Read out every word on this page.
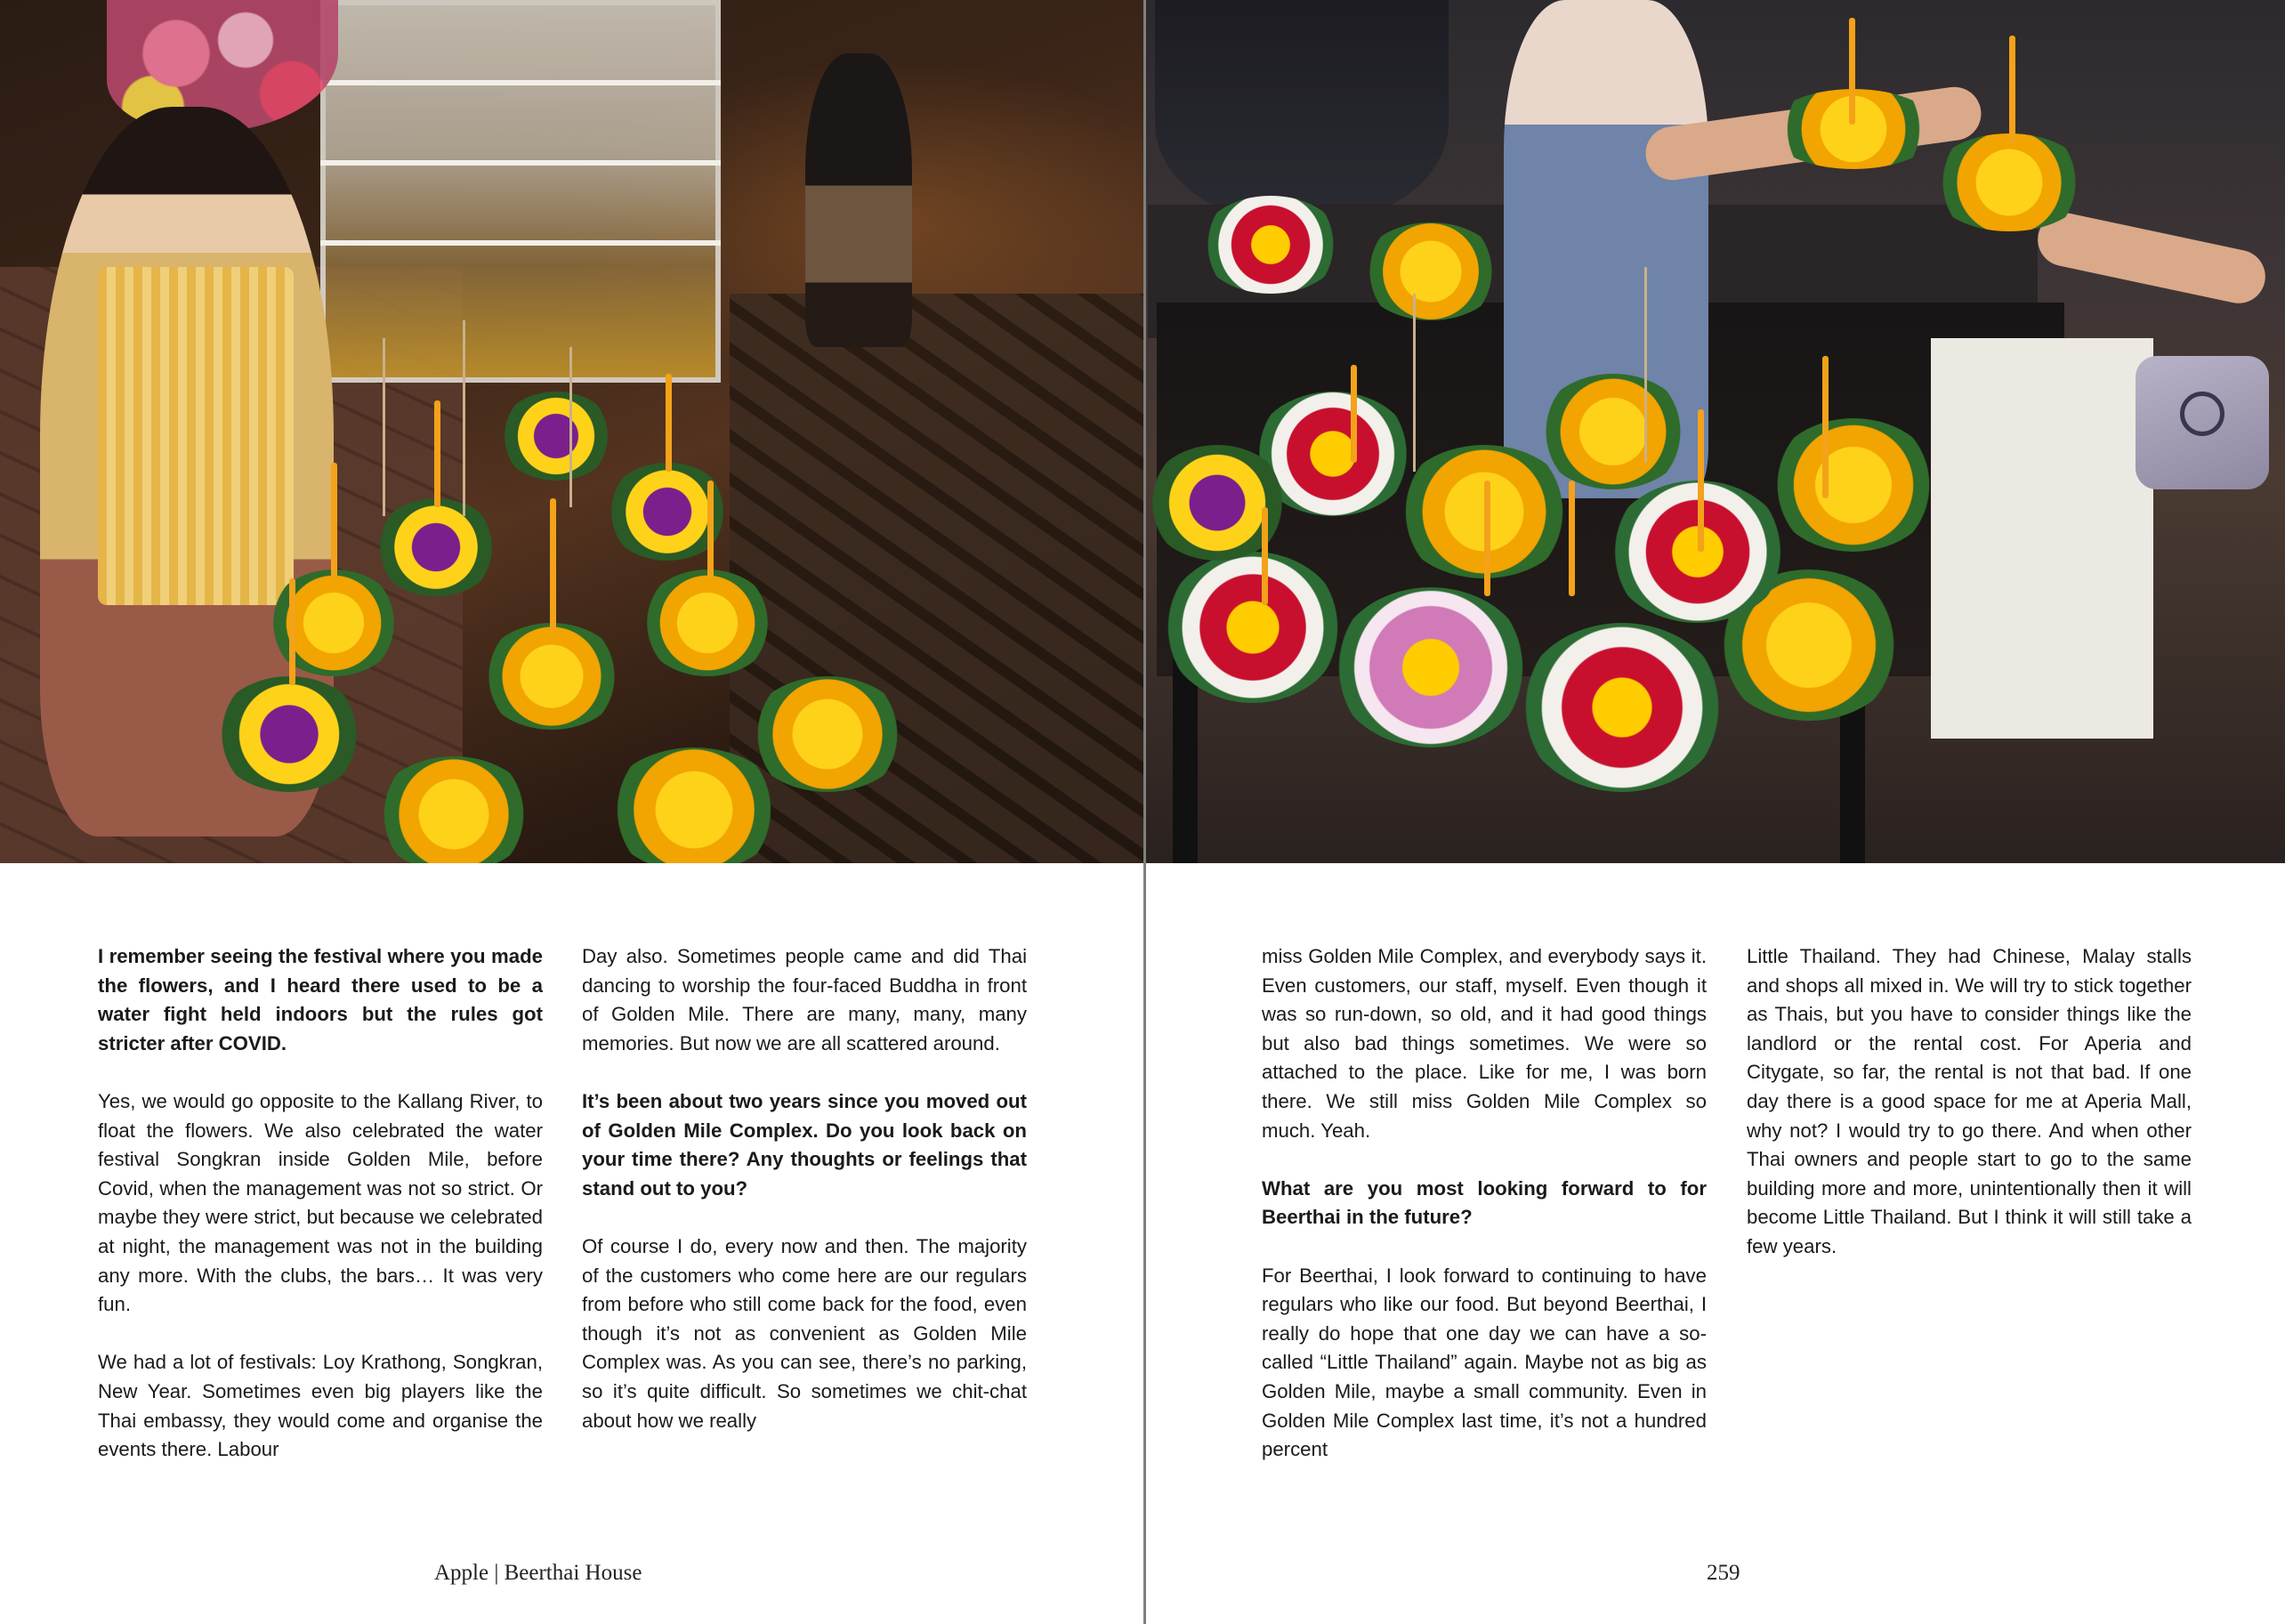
I remember seeing the festival where you made the flowers, and I heard there used to be a water fight held indoors but the rules got stricter after COVID.

Yes, we would go opposite to the Kallang River, to float the flowers. We also celebrated the water festival Songkran inside Golden Mile, before Covid, when the management was not so strict. Or maybe they were strict, but because we celebrated at night, the management was not in the building any more. With the clubs, the bars… It was very fun.

We had a lot of festivals: Loy Krathong, Songkran, New Year. Sometimes even big players like the Thai embassy, they would come and organise the events there. Labour

Day also. Sometimes people came and did Thai dancing to worship the four-faced Buddha in front of Golden Mile. There are many, many, many memories. But now we are all scattered around.

It’s been about two years since you moved out of Golden Mile Complex. Do you look back on your time there? Any thoughts or feelings that stand out to you?

Of course I do, every now and then. The majority of the customers who come here are our regulars from before who still come back for the food, even though it’s not as convenient as Golden Mile Complex was. As you can see, there’s no parking, so it’s quite difficult. So sometimes we chit-chat about how we really

miss Golden Mile Complex, and everybody says it. Even customers, our staff, myself. Even though it was so run-down, so old, and it had good things but also bad things sometimes. We were so attached to the place. Like for me, I was born there. We still miss Golden Mile Complex so much. Yeah.

What are you most looking forward to for Beerthai in the future?

For Beerthai, I look forward to continuing to have regulars who like our food. But beyond Beerthai, I really do hope that one day we can have a so-called “Little Thailand” again. Maybe not as big as Golden Mile, maybe a small community. Even in Golden Mile Complex last time, it’s not a hundred percent

Little Thailand. They had Chinese, Malay stalls and shops all mixed in. We will try to stick together as Thais, but you have to consider things like the landlord or the rental cost. For Aperia and Citygate, so far, the rental is not that bad. If one day there is a good space for me at Aperia Mall, why not? I would try to go there. And when other Thai owners and people start to go to the same building more and more, unintentionally then it will become Little Thailand. But I think it will still take a few years.

Apple | Beerthai House	259
